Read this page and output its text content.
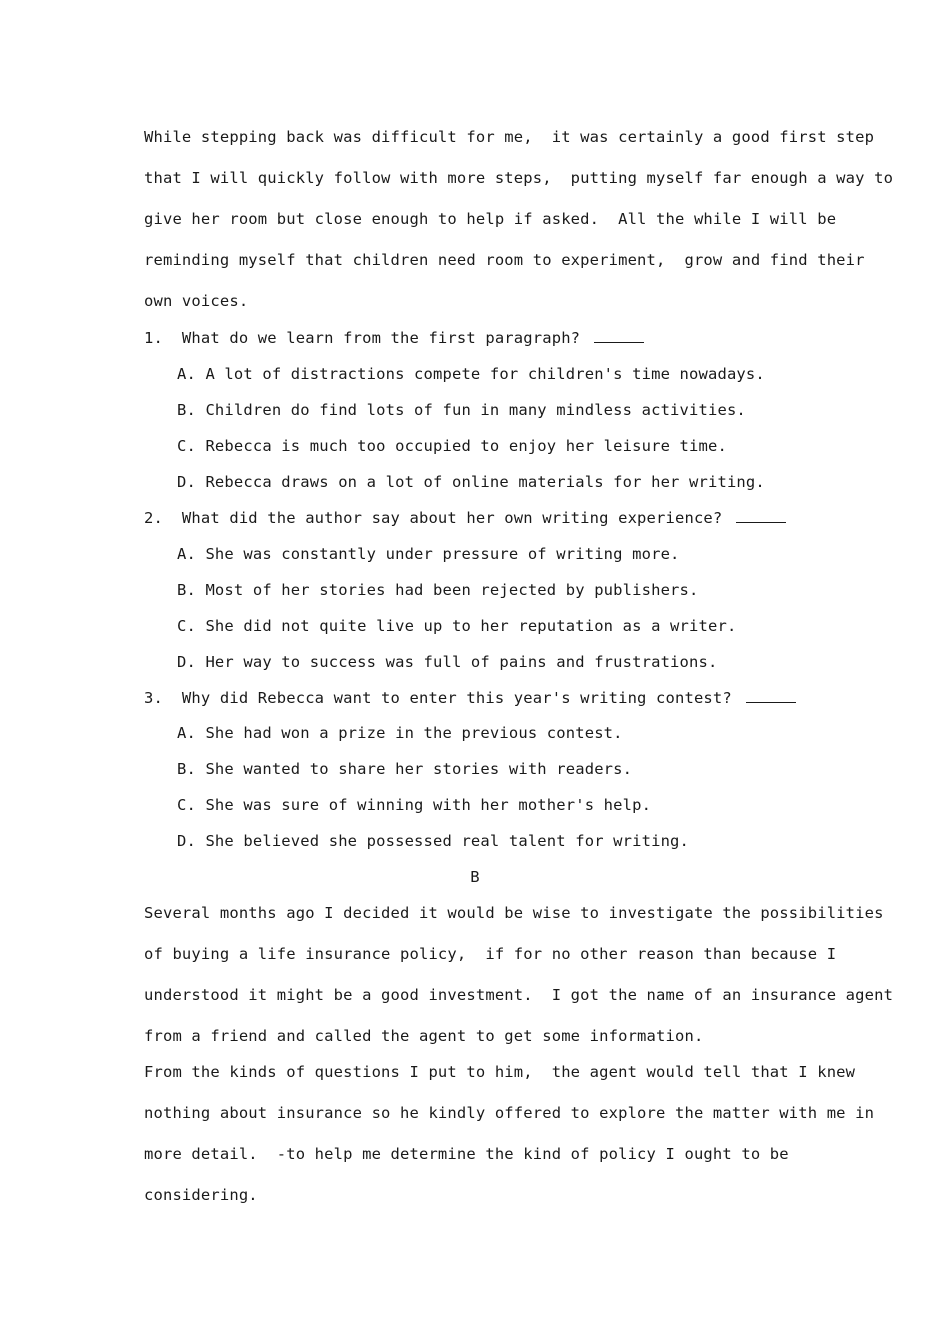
While stepping back was difficult for me,  it was certainly a good first step
that I will quickly follow with more steps,  putting myself far enough a way to
give her room but close enough to help if asked.  All the while I will be
reminding myself that children need room to experiment,  grow and find their
own voices.
1.  What do we learn from the first paragraph?
A. A lot of distractions compete for children's time nowadays.
B. Children do find lots of fun in many mindless activities.
C. Rebecca is much too occupied to enjoy her leisure time.
D. Rebecca draws on a lot of online materials for her writing.
2.  What did the author say about her own writing experience?
A. She was constantly under pressure of writing more.
B. Most of her stories had been rejected by publishers.
C. She did not quite live up to her reputation as a writer.
D. Her way to success was full of pains and frustrations.
3.  Why did Rebecca want to enter this year's writing contest?
A. She had won a prize in the previous contest.
B. She wanted to share her stories with readers.
C. She was sure of winning with her mother's help.
D. She believed she possessed real talent for writing.
B
Several months ago I decided it would be wise to investigate the possibilities
of buying a life insurance policy,  if for no other reason than because I
understood it might be a good investment.  I got the name of an insurance agent
from a friend and called the agent to get some information.
From the kinds of questions I put to him,  the agent would tell that I knew
nothing about insurance so he kindly offered to explore the matter with me in
more detail.  -to help me determine the kind of policy I ought to be
considering.
